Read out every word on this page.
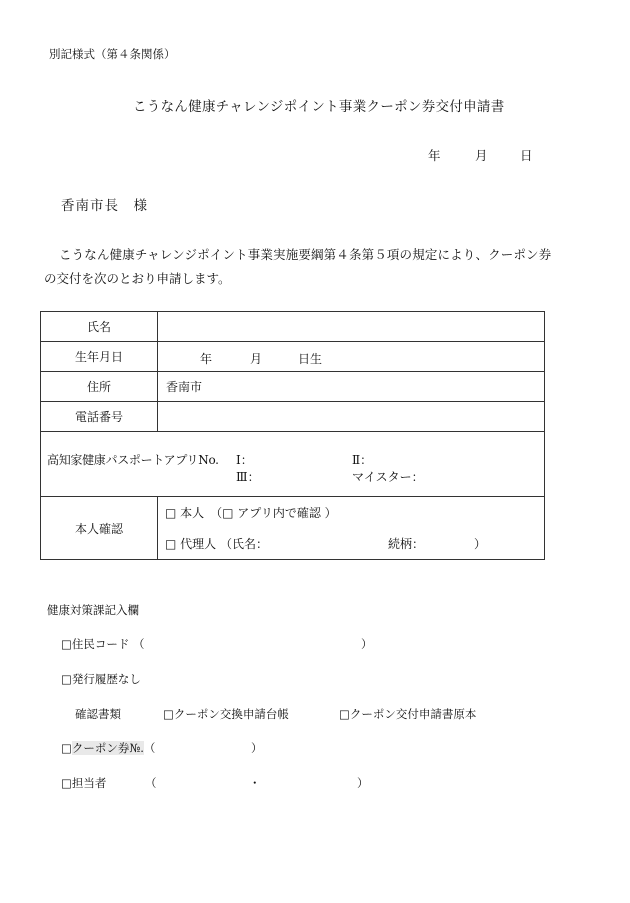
別記様式（第４条関係）
こうなん健康チャレンジポイント事業クーポン券交付申請書
年	月	日
香南市長　様
こうなん健康チャレンジポイント事業実施要綱第４条第５項の規定により、クーポン券
の交付を次のとおり申請します。
氏名	
生年月日	年 月 日生

住所	香南市
電話番号	

高知家健康パスポートアプリNo. Ⅰ： Ⅱ：
Ⅲ： マイスター：	

本人確認	□ 本人　（□ アプリ内で確認 ）
□ 代理人 （氏名： 続柄： ）
健康対策課記入欄
□住民コード （	）
□発行履歴なし
確認書類	□クーポン交換申請台帳	□クーポン交付申請書原本
□クーポン券№.（	）
□担当者	（	・	）
